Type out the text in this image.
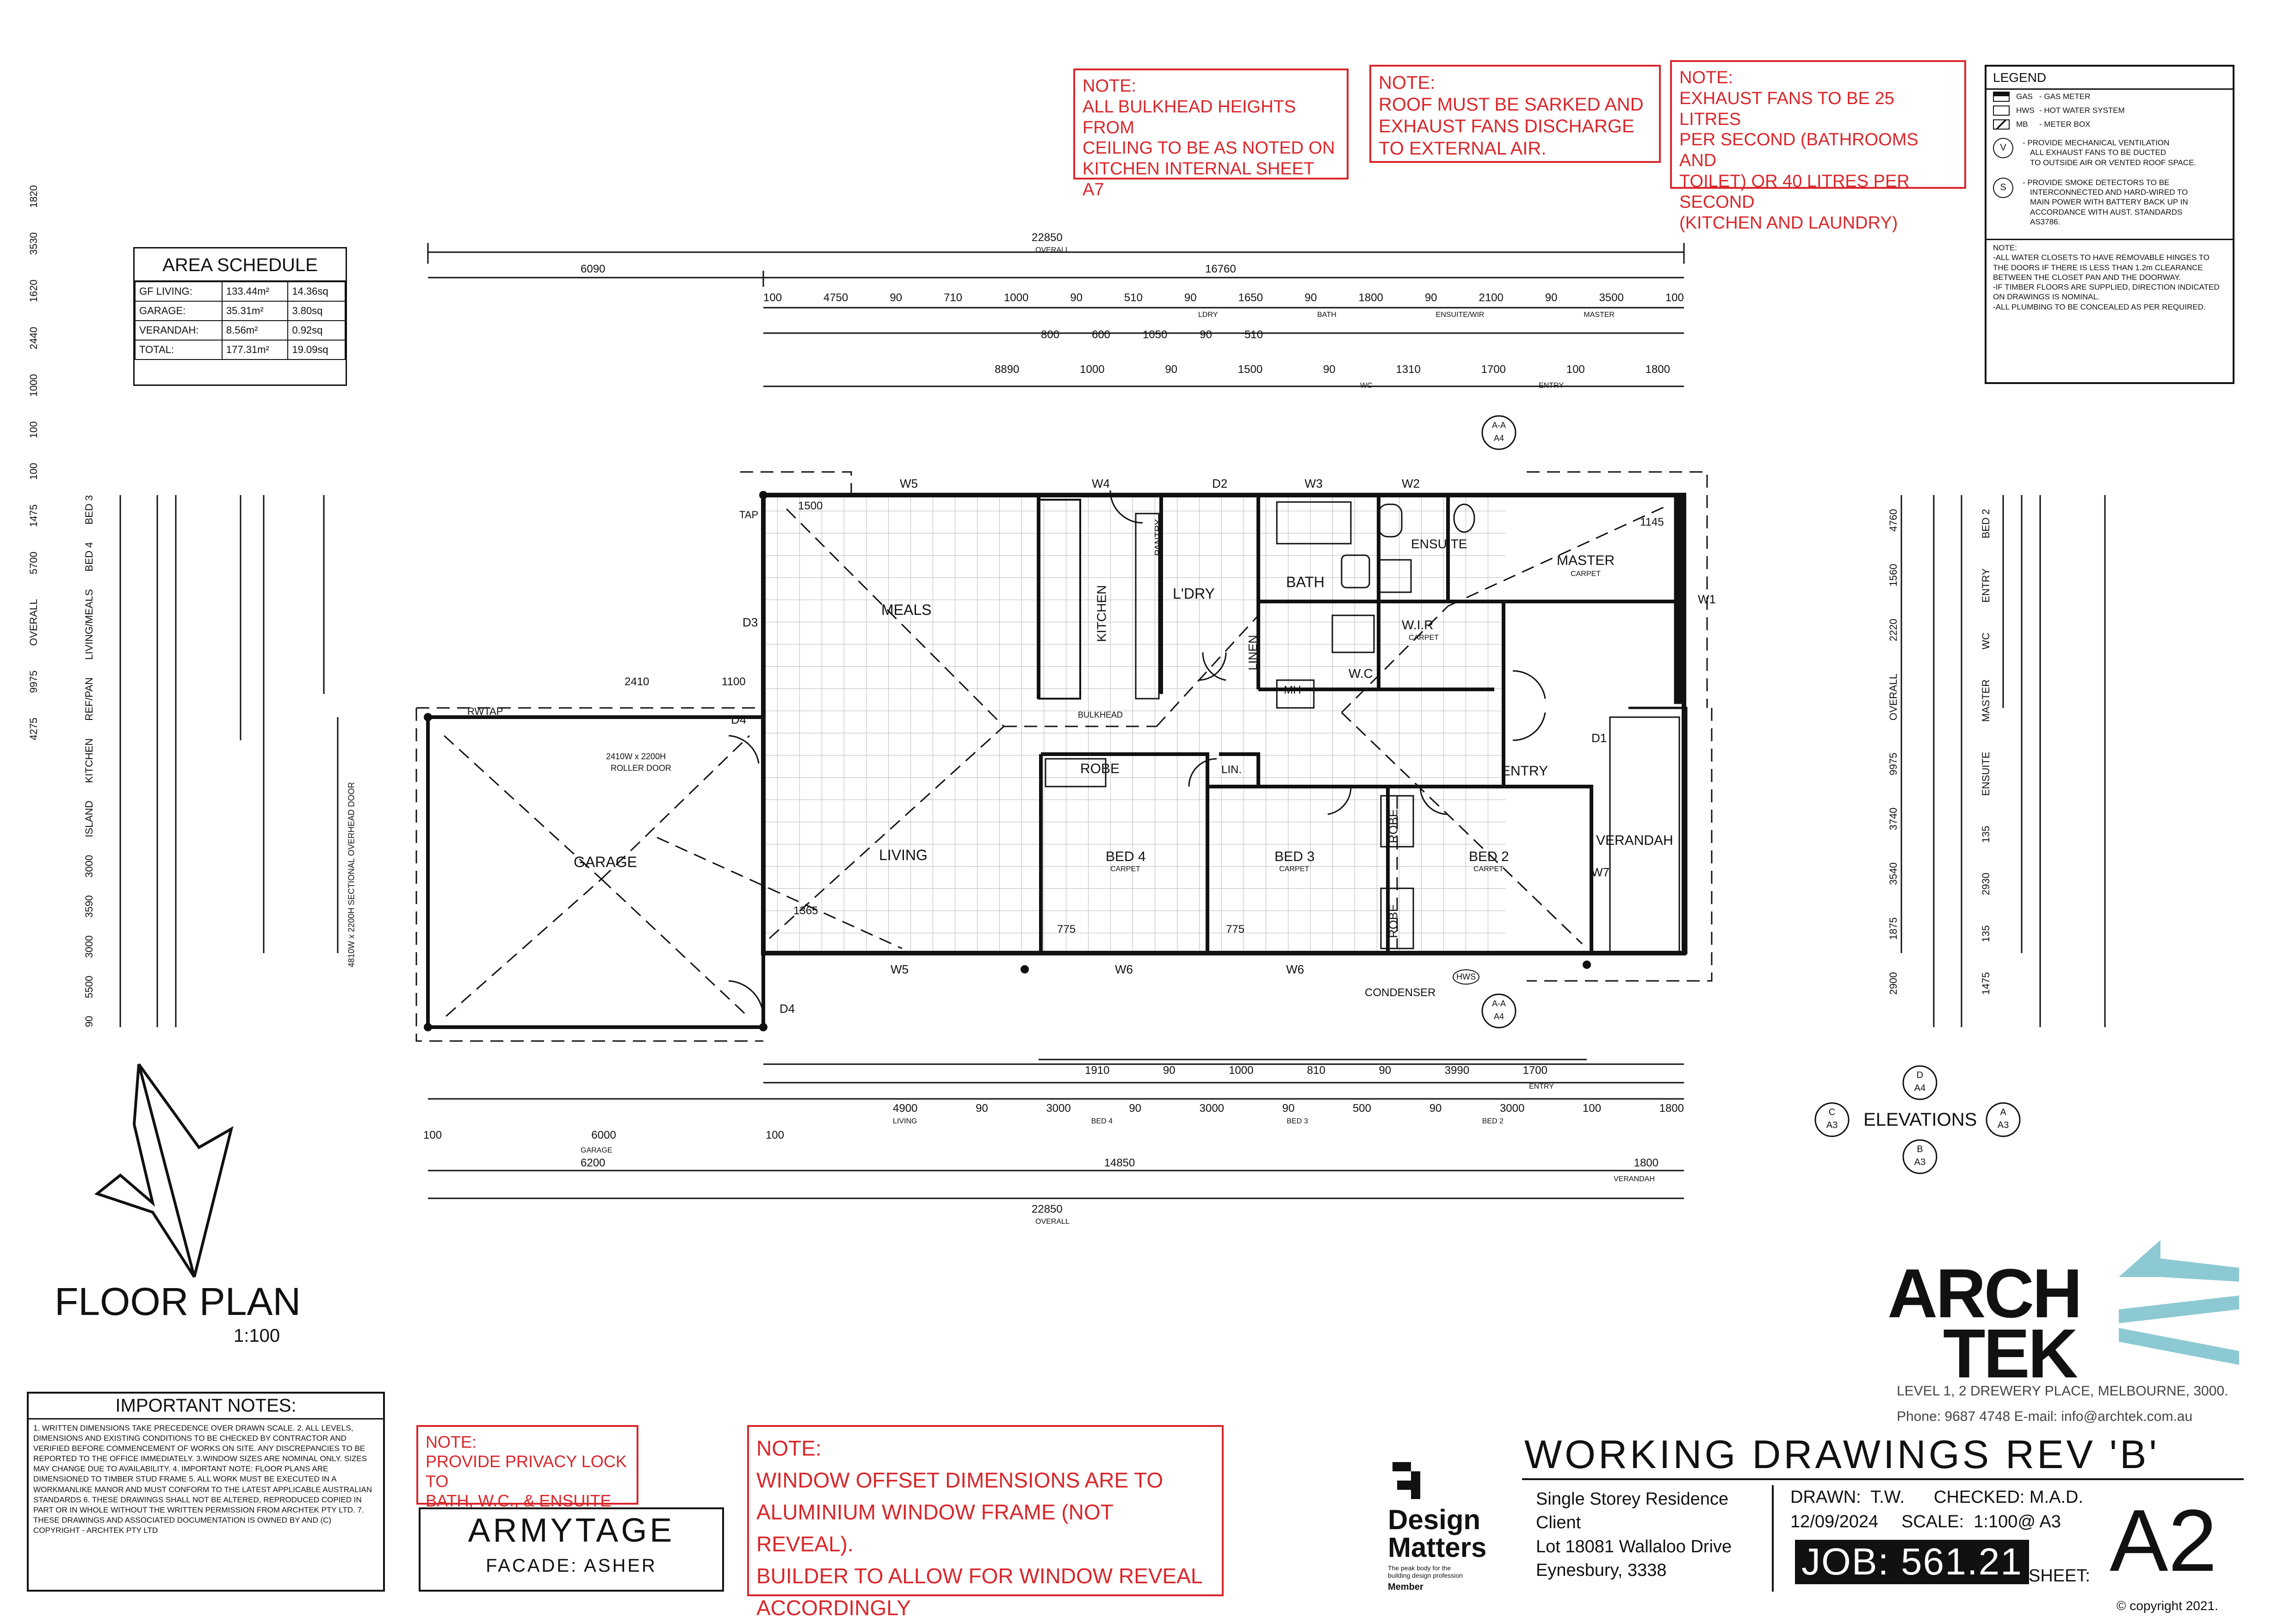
NOTE:
ALL BULKHEAD HEIGHTS FROM
CEILING TO BE AS NOTED ON
KITCHEN INTERNAL SHEET A7
NOTE:
ROOF MUST BE SARKED AND
EXHAUST FANS DISCHARGE
TO EXTERNAL AIR.
NOTE:
EXHAUST FANS TO BE 25 LITRES
PER SECOND (BATHROOMS AND
TOILET) OR 40 LITRES PER SECOND
(KITCHEN AND LAUNDRY)
NOTE:
PROVIDE PRIVACY LOCK TO
BATH, W.C., & ENSUITE
NOTE:
WINDOW OFFSET DIMENSIONS ARE TO
ALUMINIUM WINDOW FRAME (NOT REVEAL).
BUILDER TO ALLOW FOR WINDOW REVEAL
ACCORDINGLY
LEGEND
GAS - GAS METER
HWS - HOT WATER SYSTEM
MB	- METER BOX
V	- PROVIDE MECHANICAL VENTILATION
ALL EXHAUST FANS TO BE DUCTED
TO OUTSIDE AIR OR VENTED ROOF SPACE.
S	- PROVIDE SMOKE DETECTORS TO BE
INTERCONNECTED AND HARD-WIRED TO
MAIN POWER WITH BATTERY BACK UP IN
ACCORDANCE WITH AUST. STANDARDS
AS3786.
NOTE:
-ALL WATER CLOSETS TO HAVE REMOVABLE HINGES TO
THE DOORS IF THERE IS LESS THAN 1.2m CLEARANCE
BETWEEN THE CLOSET PAN AND THE DOORWAY.
-IF TIMBER FLOORS ARE SUPPLIED, DIRECTION INDICATED
ON DRAWINGS IS NOMINAL.
-ALL PLUMBING TO BE CONCEALED AS PER REQUIRED.
AREA SCHEDULE
GF LIVING:	133.44m²	14.36sq
GARAGE:	35.31m²	3.80sq
VERANDAH:	8.56m²	0.92sq
TOTAL:	177.31m²	19.09sq
MEALS	KITCHEN
PANTRY
L'DRY
BATH
ENSUITE
MASTER
CARPET
W.I.R
CARPET
W.C
LINEN
MH
LIN.
LIVING
GARAGE
ROBE
BED 4
CARPET
BED 3
CARPET
BED 2
CARPET
ROBE
ROBE
ENTRY
VERANDAH
BULKHEAD
CONDENSER
HWS
2410W x 2200H
ROLLER DOOR
4810W x 2200H SECTIONAL OVERHEAD DOOR
RWTAP
TAP
W5	W4	D2	W3	W2
W1
D3
D4
D1
W7
W6	W6
W5
D4
22850
OVERALL
6090	16760
100	4750	90	710	1000	90	510	90	1650	90	1800	90	2100	90	3500	100
LDRY	BATH	ENSUITE/WIR	MASTER
800	600	1050	90	510
8890	1000	90	1500	90	1310	1700	100	1800
WC	ENTRY
1500
1145
2410	1100
1365
775	775
1910	90	1000	810	90	3990	1700
ENTRY
4900	90	3000	90	3000	90	500	90	3000	100	1800
LIVING	BED 4	BED 3	BED 2
100	6000	100
GARAGE
6200	14850	1800
VERANDAH
22850
OVERALL
4275
9975
OVERALL
5700
1475
100
100
1000
2440
1620
3530
1820
90
5500
3000
3590
3000
ISLAND
KITCHEN
REF/PAN
LIVING/MEALS
BED 4
BED 3
2900
1875
3540
3740
9975
OVERALL
2220
1560
4760
1475
135
2930
135
ENSUITE
MASTER
WC
ENTRY
BED 2
A-A
A4
A-A
A4
D
A4
C
A3
A
A3
B
A3
ELEVATIONS
FLOOR PLAN
1:100
IMPORTANT NOTES:
1. WRITTEN DIMENSIONS TAKE PRECEDENCE OVER DRAWN SCALE. 2. ALL LEVELS, DIMENSIONS AND EXISTING CONDITIONS TO BE CHECKED BY CONTRACTOR AND VERIFIED BEFORE COMMENCEMENT OF WORKS ON SITE. ANY DISCREPANCIES TO BE REPORTED TO THE OFFICE IMMEDIATELY. 3.WINDOW SIZES ARE NOMINAL ONLY. SIZES MAY CHANGE DUE TO AVAILABILITY. 4. IMPORTANT NOTE: FLOOR PLANS ARE DIMENSIONED TO TIMBER STUD FRAME 5. ALL WORK MUST BE EXECUTED IN A WORKMANLIKE MANOR AND MUST CONFORM TO THE LATEST APPLICABLE AUSTRALIAN STANDARDS 6. THESE DRAWINGS SHALL NOT BE ALTERED, REPRODUCED COPIED IN PART OR IN WHOLE WITHOUT THE WRITTEN PERMISSION FROM ARCHTEK PTY LTD. 7. THESE DRAWINGS AND ASSOCIATED DOCUMENTATION IS OWNED BY AND (C) COPYRIGHT - ARCHTEK PTY LTD	ARMYTAGE
FACADE: ASHER
Design
Matters
The peak body for the
building design profession
Member
WORKING DRAWINGS REV 'B'
Single Storey Residence
Client
Lot 18081 Wallaloo Drive
Eynesbury, 3338
DRAWN:  T.W. CHECKED: M.A.D.
12/09/2024 SCALE:  1:100@ A3
JOB: 561.21 SHEET: A2
© copyright 2021.
ARCH
TEK
LEVEL 1, 2 DREWERY PLACE, MELBOURNE, 3000.
Phone: 9687 4748 E-mail: info@archtek.com.au
